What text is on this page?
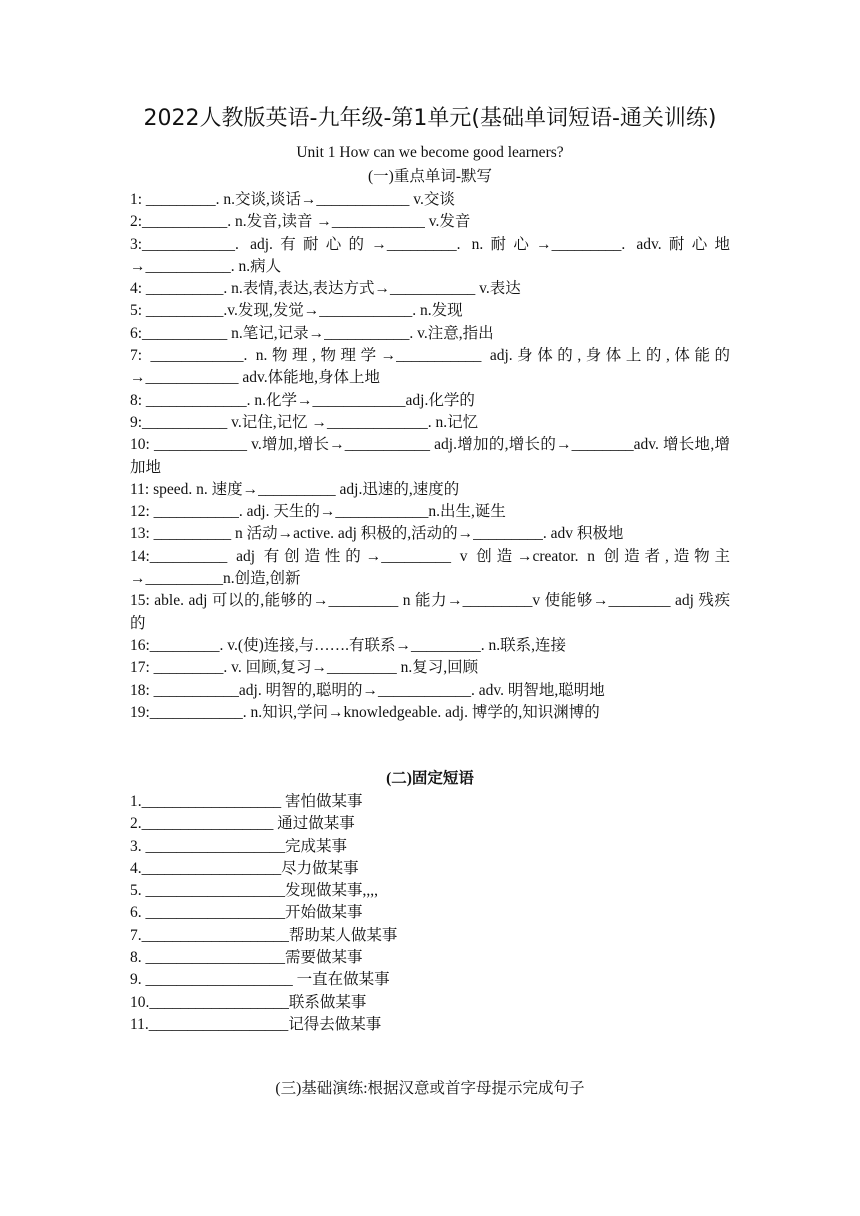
2022人教版英语-九年级-第1单元(基础单词短语-通关训练)
Unit 1 How can we become good learners?
(一)重点单词-默写
1: _________. n.交谈,谈话→____________ v.交谈
2:___________. n.发音,读音 →____________ v.发音
3:____________. adj.有耐心的→_________. n.耐心→_________. adv.耐心地 →___________. n.病人
4: __________. n.表情,表达,表达方式→___________ v.表达
5: __________.v.发现,发觉→____________. n.发现
6:___________ n.笔记,记录→___________. v.注意,指出
7: ____________. n.物理,物理学→___________ adj.身体的,身体上的,体能的 →____________ adv.体能地,身体上地
8: _____________. n.化学→____________adj.化学的
9:___________ v.记住,记忆 →_____________. n.记忆
10: ____________ v.增加,增长→___________ adj.增加的,增长的→________adv. 增长地,增加地
11: speed. n. 速度→__________ adj.迅速的,速度的
12: ___________. adj. 天生的→____________n.出生,诞生
13: __________ n 活动→active. adj 积极的,活动的→_________. adv 积极地
14:__________ adj 有创造性的→_________ v 创造→creator. n 创造者,造物主 →__________n.创造,创新
15: able. adj 可以的,能够的→_________ n 能力→_________v 使能够→________ adj 残疾的
16:_________. v.(使)连接,与…….有联系→_________. n.联系,连接
17: _________. v. 回顾,复习→_________ n.复习,回顾
18: ___________adj. 明智的,聪明的→____________. adv. 明智地,聪明地
19:____________. n.知识,学问→knowledgeable. adj. 博学的,知识渊博的
(二)固定短语
1.__________________ 害怕做某事
2._________________ 通过做某事
3. __________________完成某事
4.__________________尽力做某事
5. __________________发现做某事,,,,
6. __________________开始做某事
7.___________________帮助某人做某事
8. __________________需要做某事
9. ___________________ 一直在做某事
10.__________________联系做某事
11.__________________记得去做某事
(三)基础演练:根据汉意或首字母提示完成句子
